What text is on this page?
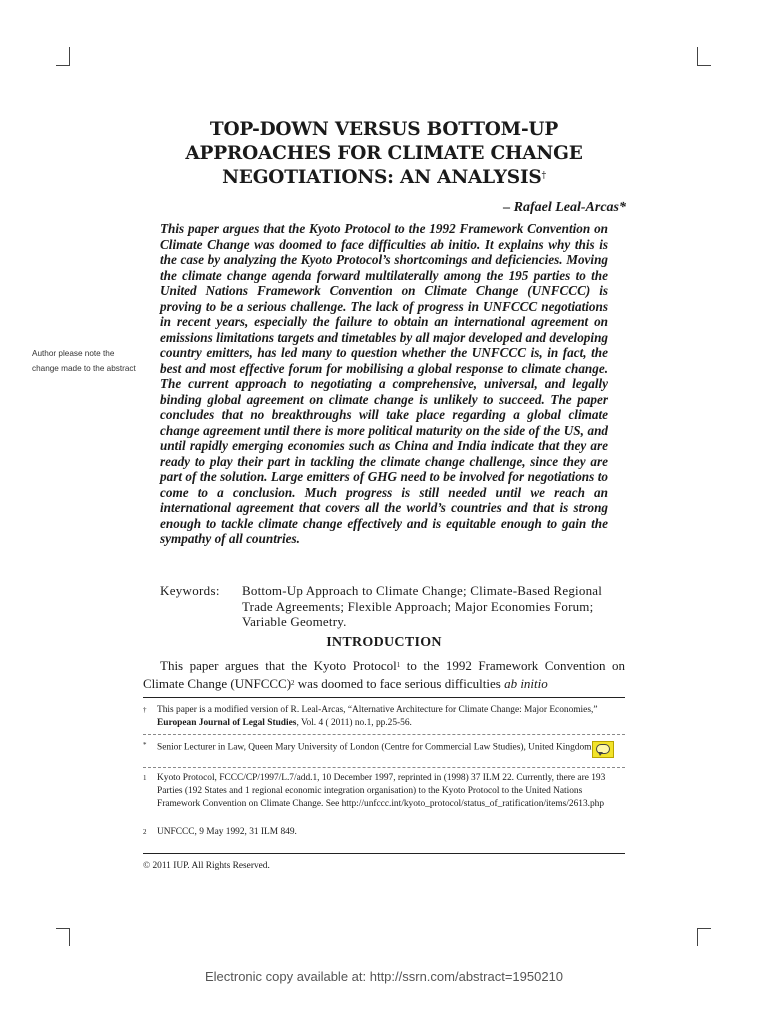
TOP-DOWN VERSUS BOTTOM-UP
APPROACHES FOR CLIMATE CHANGE
NEGOTIATIONS: AN ANALYSIS†
– Rafael Leal-Arcas*

This paper argues that the Kyoto Protocol to the 1992 Framework Convention on Climate Change was doomed to face difficulties ab initio. It explains why this is the case by analyzing the Kyoto Protocol’s shortcomings and deficiencies. Moving the climate change agenda forward multilaterally among the 195 parties to the United Nations Framework Convention on Climate Change (UNFCCC) is proving to be a serious challenge. The lack of progress in UNFCCC negotiations in recent years, especially the failure to obtain an international agreement on emissions limitations targets and timetables by all major developed and developing country emitters, has led many to question whether the UNFCCC is, in fact, the best and most effective forum for mobilising a global response to climate change. The current approach to negotiating a comprehensive, universal, and legally binding global agreement on climate change is unlikely to succeed. The paper concludes that no breakthroughs will take place regarding a global climate change agreement until there is more political maturity on the side of the US, and until rapidly emerging economies such as China and India indicate that they are ready to play their part in tackling the climate change challenge, since they are part of the solution. Large emitters of GHG need to be involved for negotiations to come to a conclusion. Much progress is still needed until we reach an international agreement that covers all the world’s countries and that is strong enough to tackle climate change effectively and is equitable enough to gain the sympathy of all countries.

Author please note the change made to the abstract

Keywords: Bottom-Up Approach to Climate Change; Climate-Based Regional Trade Agreements; Flexible Approach; Major Economies Forum; Variable Geometry.
INTRODUCTION

This paper argues that the Kyoto Protocol$^1$ to the 1992 Framework Convention on Climate Change (UNFCCC)$^2$ was doomed to face serious difficulties ab initio

† This paper is a modified version of R. Leal-Arcas, “Alternative Architecture for Climate Change: Major Economies,” European Journal of Legal Studies, Vol. 4 ( 2011) no.1, pp.25-56.
* Senior Lecturer in Law, Queen Mary University of London (Centre for Commercial Law Studies), United Kingdom
1 Kyoto Protocol, FCCC/CP/1997/L.7/add.1, 10 December 1997, reprinted in (1998) 37 ILM 22. Currently, there are 193 Parties (192 States and 1 regional economic integration organisation) to the Kyoto Protocol to the United Nations Framework Convention on Climate Change. See http://unfccc.int/kyoto_protocol/status_of_ratification/items/2613.php
2 UNFCCC, 9 May 1992, 31 ILM 849.
© 2011 IUP. All Rights Reserved.
Electronic copy available at: http://ssrn.com/abstract=1950210
